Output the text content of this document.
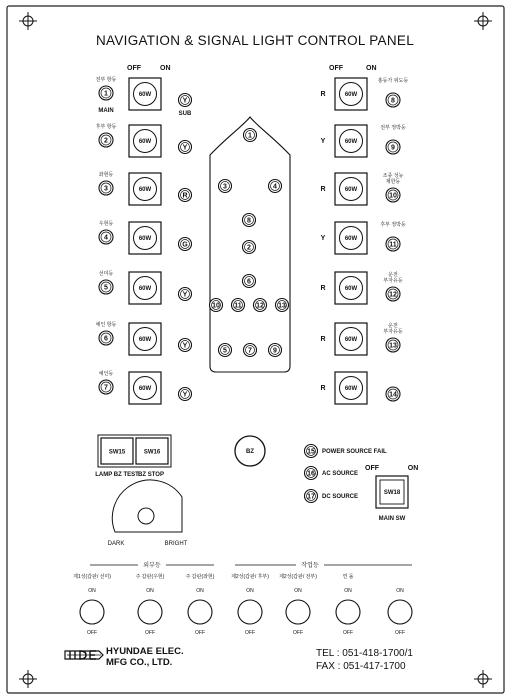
NAVIGATION & SIGNAL LIGHT CONTROL PANEL
OFF	ON	OFF	ON
전부 항등
1
MAIN
60W
Y
SUB
후부 항등
2	60W
Y
좌현등
3	60W
R
우현등
4	60W
G
선미등
5	60W
Y
예인 항등
6	60W
Y
예인등
7	60W
Y
R	60W
홍등가 위도등
8
Y	60W
전부 정박등
9
R	60W
조종 성능
제한등
10
Y	60W
후부 정박등
11
R	60W
운전
부자유등
12
R	60W
운전
부자유등
13
R	60W
14
1
3	4
8
2
6
10 11 12 13
5	7	9
SW15	SW16
LAMP BZ TEST BZ STOP
BZ	15 POWER SOURCE FAIL
16 AC SOURCE
17 DC SOURCE
OFF	ON
SW18
MAIN SW
DARK	BRIGHT
외부등	작업등
제1성(갑판/ 선미)
ON
OFF
주 갑판(우현)
ON
OFF
주 갑판(좌현)
ON
OFF
제2성(갑판/ 후부)
ON
OFF
제2성(갑판/ 전부)
ON
OFF
연 돌
ON
OFF
ON
OFF
HYUNDAE ELEC.
MFG CO., LTD.
TEL : 051-418-1700/1
FAX : 051-417-1700
